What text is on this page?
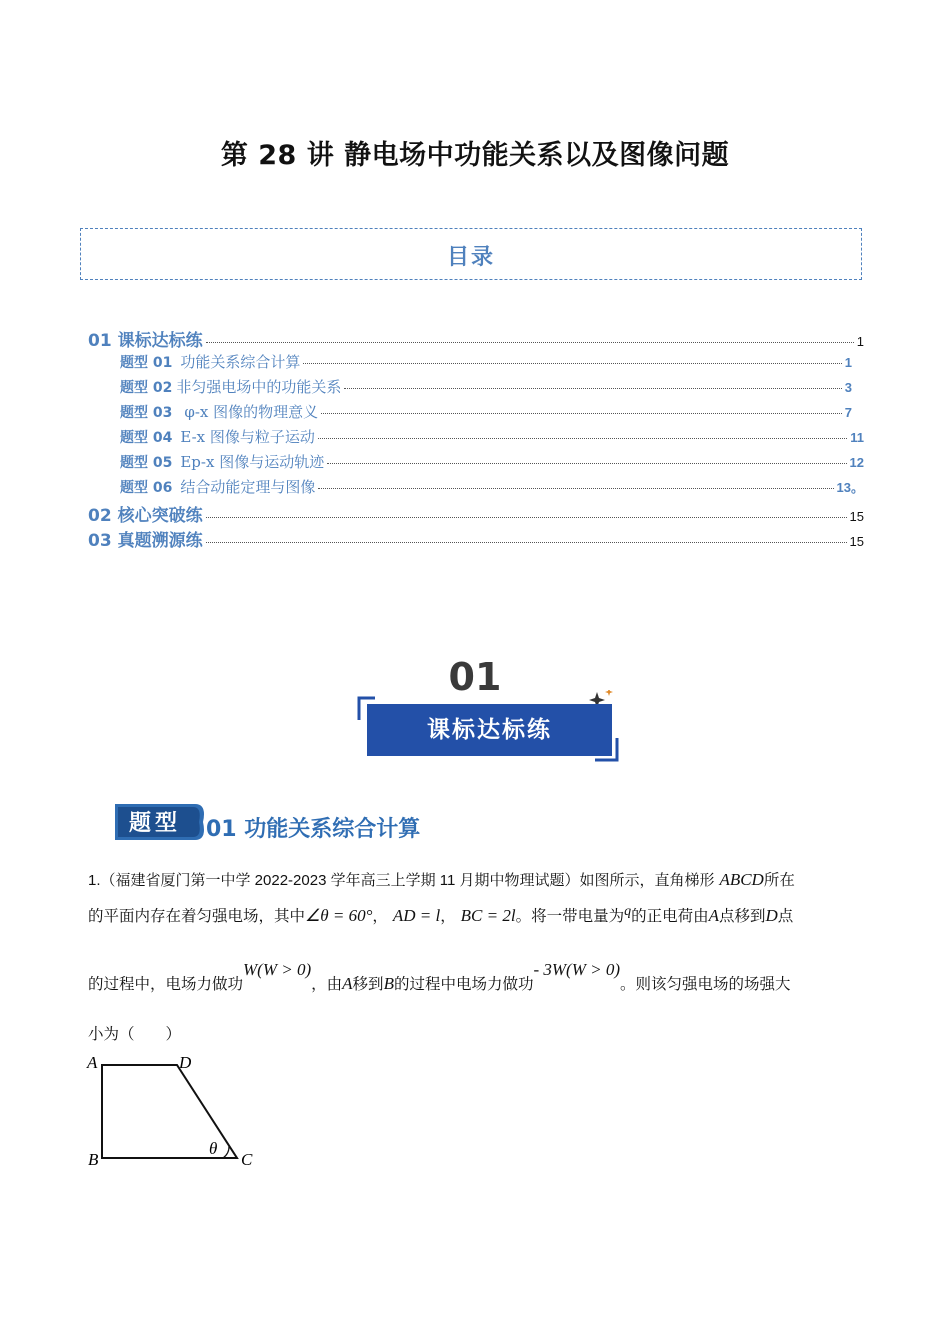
第 28 讲 静电场中功能关系以及图像问题
目录
01 课标达标练	1
题型 01 功能关系综合计算	1
题型 02 非匀强电场中的功能关系	3
题型 03 φ-x 图像的物理意义	7
题型 04 E-x 图像与粒子运动	11
题型 05 Ep-x 图像与运动轨迹	12
题型 06 结合动能定理与图像	13。
02 核心突破练	15
03 真题溯源练	15
01
课标达标练
题型 01 功能关系综合计算
1.（福建省厦门第一中学 2022-2023 学年高三上学期 11 月期中物理试题）如图所示，直角梯形 ABCD所在
的平面内存在着匀强电场，其中∠θ = 60°， AD = l， BC = 2l。将一带电量为$^q$的正电荷由A点移到D点
的过程中，电场力做功W(W > 0)，由A移到B的过程中电场力做功- 3W(W > 0)。则该匀强电场的场强大
小为（　　）
A	D
B	C
θ
